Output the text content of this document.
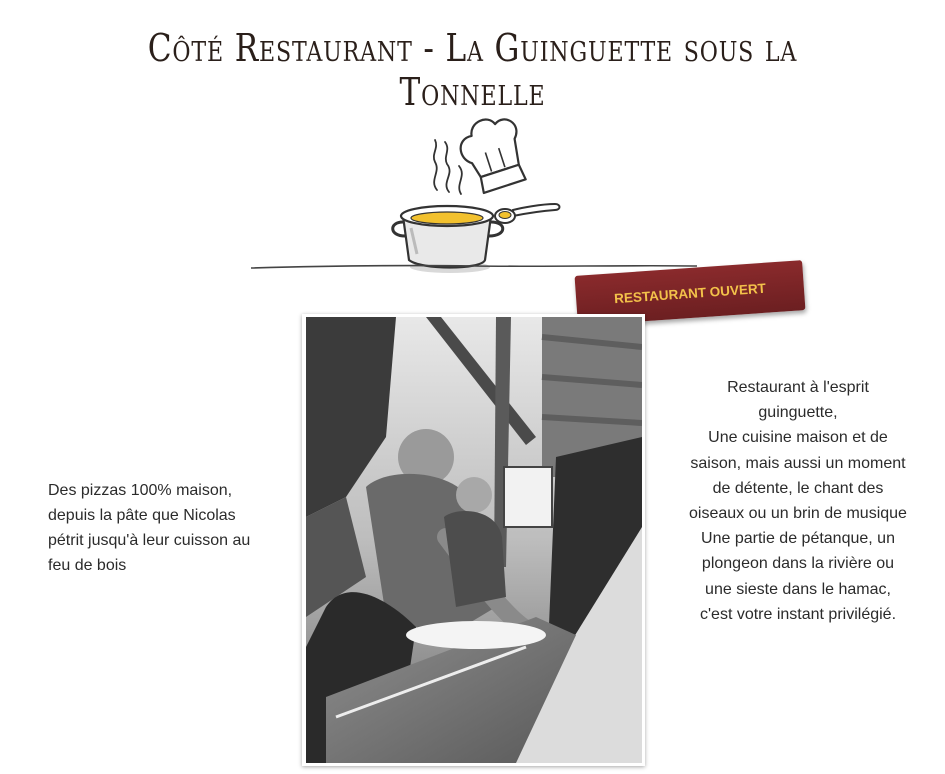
Côté Restaurant - La Guinguette sous la Tonnelle
RESTAURANT OUVERT

Des pizzas 100% maison, depuis la pâte que Nicolas pétrit jusqu'à leur cuisson au feu de bois

Restaurant à l'esprit guinguette,

Une cuisine maison et de saison, mais aussi un moment de détente, le chant des oiseaux ou un brin de musique

Une partie de pétanque, un plongeon dans la rivière ou une sieste dans le hamac,

c'est votre instant privilégié.
